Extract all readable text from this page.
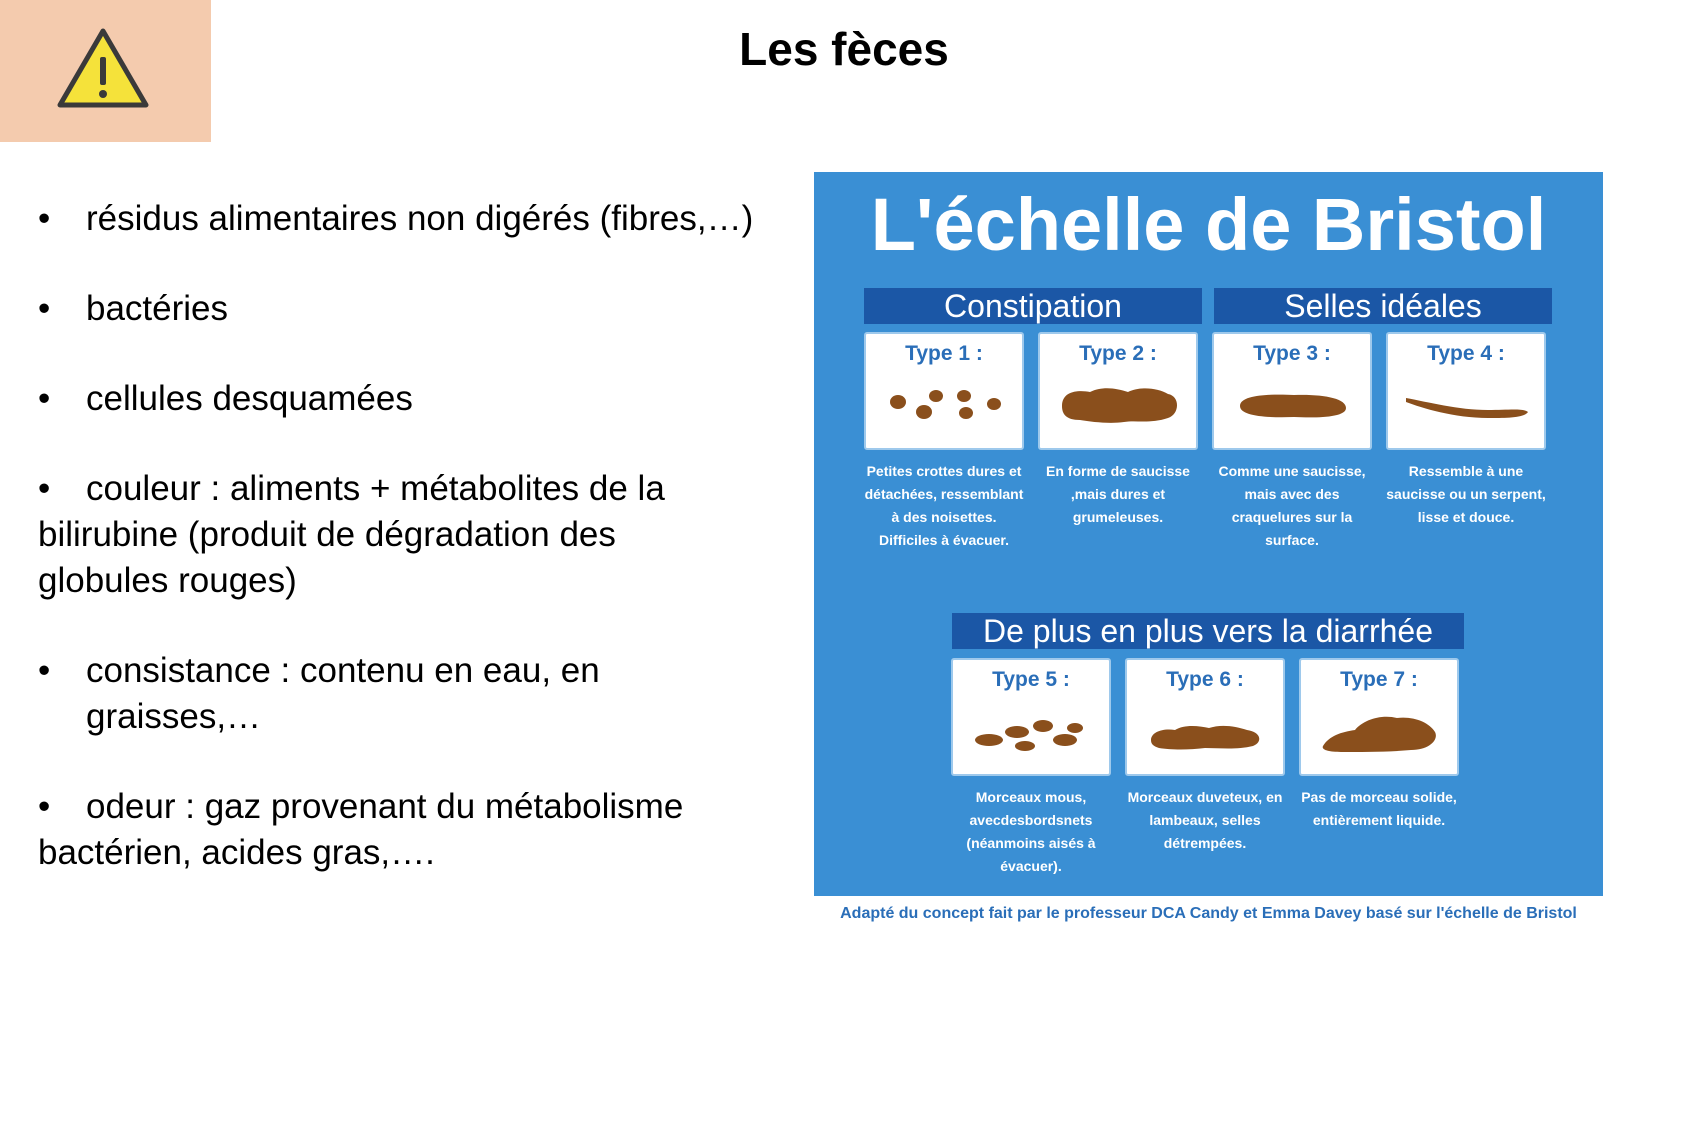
Les fèces
• résidus alimentaires non digérés (fibres,…)
• bactéries
• cellules desquamées
• couleur : aliments + métabolites de la bilirubine (produit de dégradation des globules rouges)
•	consistance : contenu en eau, en graisses,…
• odeur : gaz provenant du métabolisme bactérien, acides gras,….
L'échelle de Bristol
Constipation	Selles idéales
Type 1 :	Type 2 :	Type 3 :	Type 4 :
Petites crottes dures et détachées, ressemblant à des noisettes. Difficiles à évacuer.
En forme de saucisse ,mais dures et grumeleuses.
Comme une saucisse, mais avec des craquelures sur la surface.
Ressemble à une saucisse ou un serpent, lisse et douce.
De plus en plus vers la diarrhée
Type 5 :	Type 6 :	Type 7 :
Morceaux mous, avecdesbordsnets (néanmoins aisés à évacuer).
Morceaux duveteux, en lambeaux, selles détrempées.
Pas de morceau solide, entièrement liquide.
Adapté du concept fait par le professeur DCA Candy et Emma Davey basé sur l'échelle de Bristol
